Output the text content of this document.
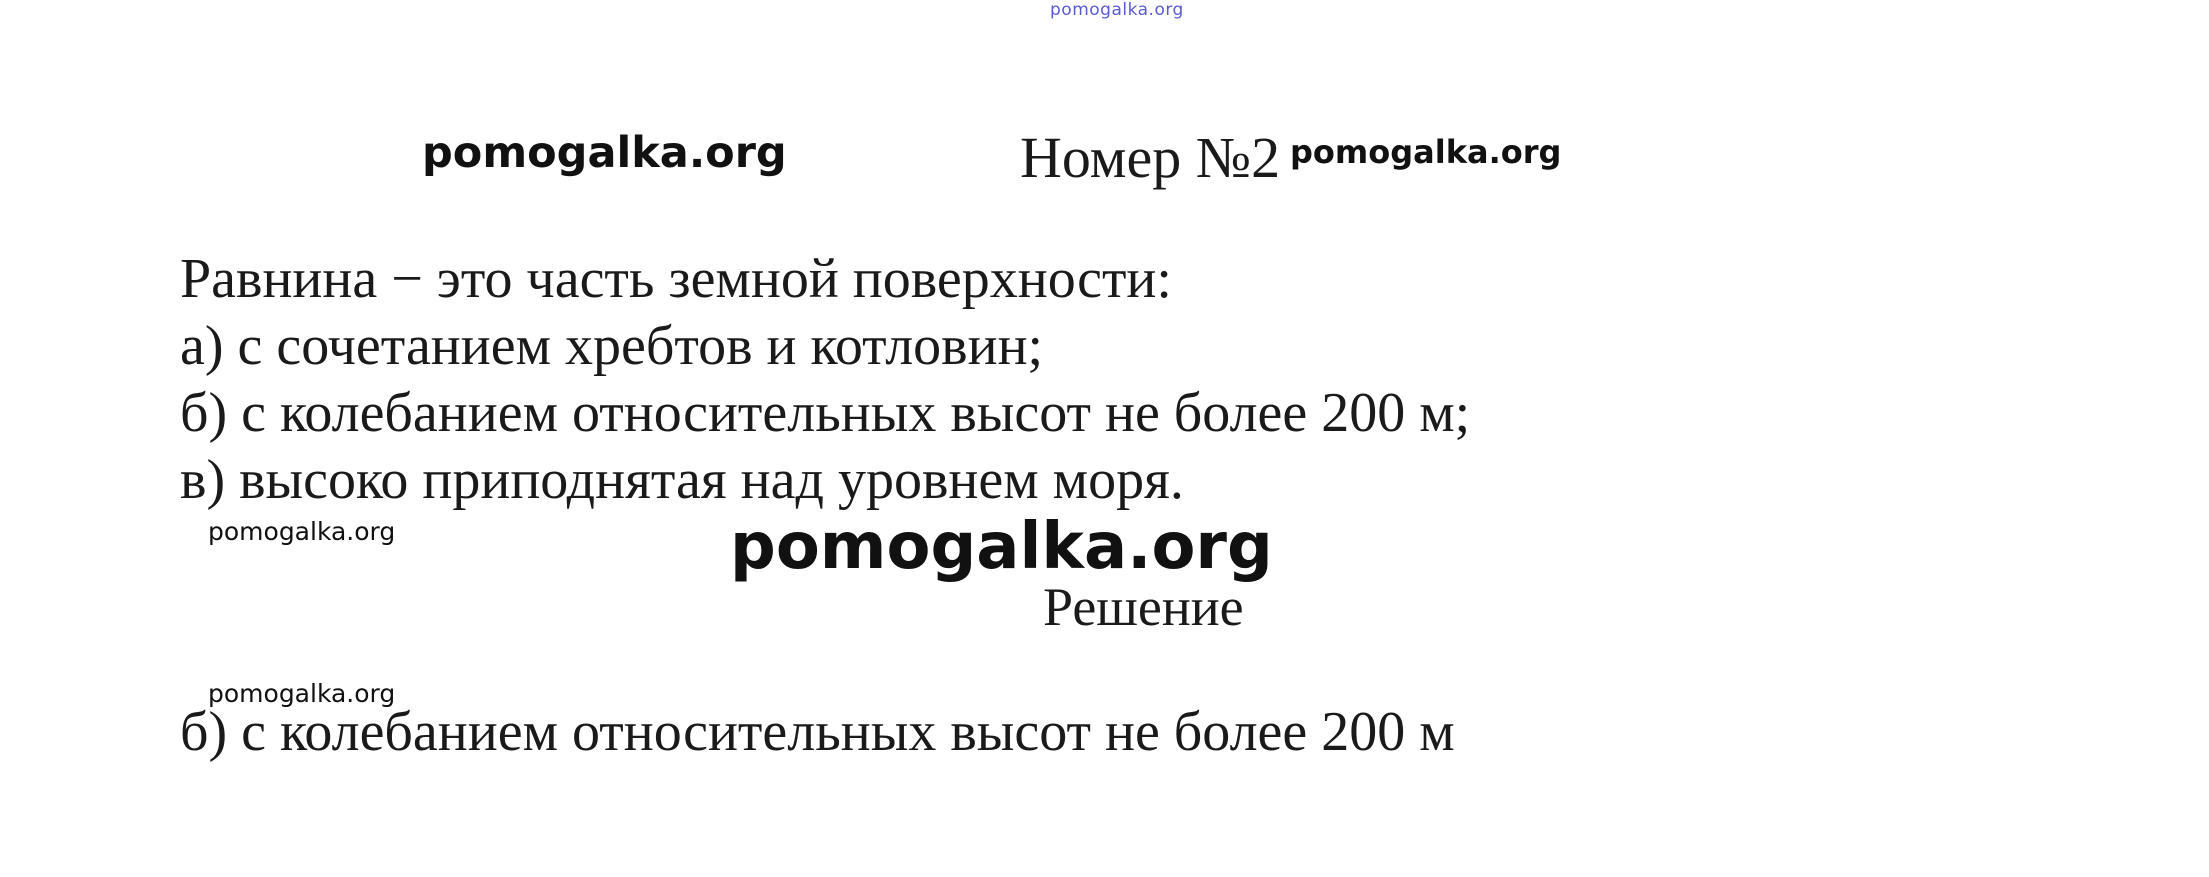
pomogalka.org
pomogalka.org	Номер №2 pomogalka.org
Равнина − это часть земной поверхности:
а) с сочетанием хребтов и котловин;
б) с колебанием относительных высот не более 200 м;
в) высоко приподнятая над уровнем моря.
pomogalka.org	pomogalka.org
Решение
pomogalka.org
б) с колебанием относительных высот не более 200 м
